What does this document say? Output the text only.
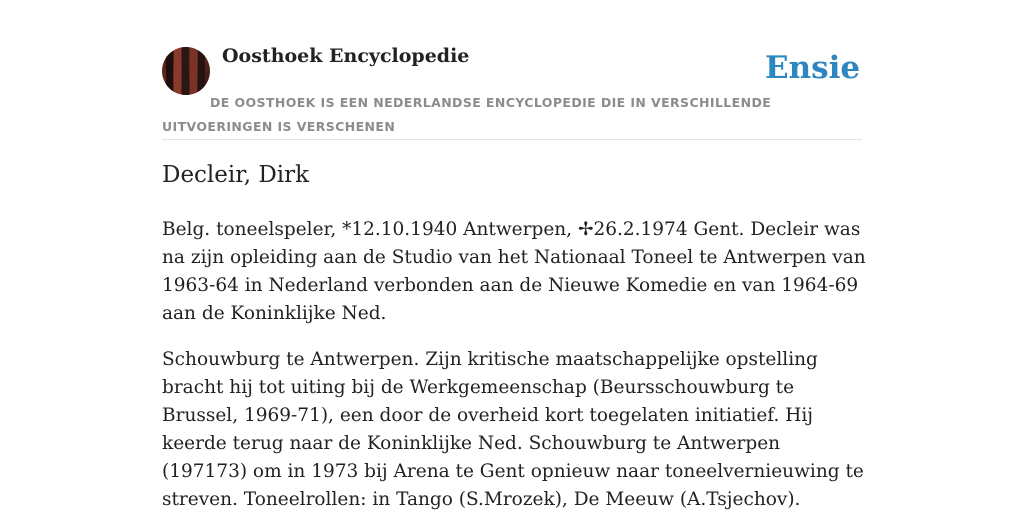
Oosthoek Encyclopedie	Ensie

DE OOSTHOEK IS EEN NEDERLANDSE ENCYCLOPEDIE DIE IN VERSCHILLENDE UITVOERINGEN IS VERSCHENEN

Decleir, Dirk

Belg. toneelspeler, *12.10.1940 Antwerpen, ✢26.2.1974 Gent. Decleir was na zijn opleiding aan de Studio van het Nationaal Toneel te Antwerpen van 1963-64 in Nederland verbonden aan de Nieuwe Komedie en van 1964-69 aan de Koninklijke Ned.

Schouwburg te Antwerpen. Zijn kritische maatschappelijke opstelling bracht hij tot uiting bij de Werkgemeenschap (Beursschouwburg te Brussel, 1969-71), een door de overheid kort toegelaten initiatief. Hij keerde terug naar de Koninklijke Ned. Schouwburg te Antwerpen (197173) om in 1973 bij Arena te Gent opnieuw naar toneelvernieuwing te streven. Toneelrollen: in Tango (S.Mrozek), De Meeuw (A.Tsjechov).
